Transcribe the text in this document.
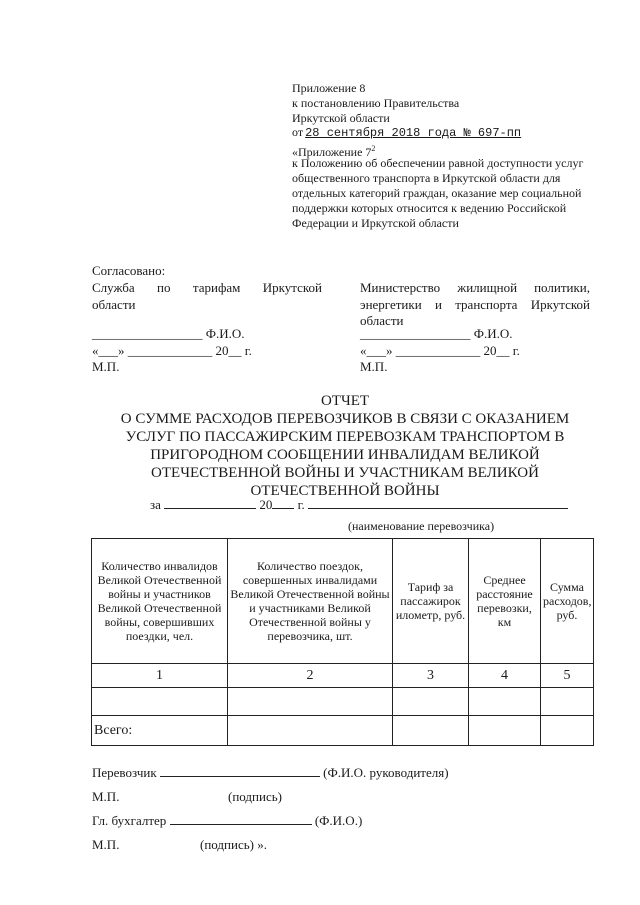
Приложение 8
к постановлению Правительства
Иркутской области
от 28 сентября 2018 года № 697-пп
«Приложение $7^2$
к Положению об обеспечении равной доступности услуг общественного транспорта в Иркутской области для отдельных категорий граждан, оказание мер социальной поддержки которых относится к ведению Российской Федерации и Иркутской области
Согласовано:
Служба по тарифам Иркутской
области
_________________ Ф.И.О.
«___» _____________ 20__ г.
М.П.
Министерство жилищной политики,
энергетики и транспорта Иркутской
области
_________________ Ф.И.О.
«___» _____________ 20__ г.
М.П.
ОТЧЕТ
О СУММЕ РАСХОДОВ ПЕРЕВОЗЧИКОВ В СВЯЗИ С ОКАЗАНИЕМ УСЛУГ ПО ПАССАЖИРСКИМ ПЕРЕВОЗКАМ ТРАНСПОРТОМ В ПРИГОРОДНОМ СООБЩЕНИИ ИНВАЛИДАМ ВЕЛИКОЙ ОТЕЧЕСТВЕННОЙ ВОЙНЫ И УЧАСТНИКАМ ВЕЛИКОЙ ОТЕЧЕСТВЕННОЙ ВОЙНЫ
за	20 г.
(наименование перевозчика)
Количество инвалидов Великой Отечественной войны и участников Великой Отечественной войны, совершивших поездки, чел.	Количество поездок, совершенных инвалидами Великой Отечественной войны и участниками Великой Отечественной войны у перевозчика, шт.	Тариф за пассажирок илометр, руб.	Среднее расстояние перевозки, км	Сумма расходов, руб.
1	2	3	4	5

Всего:				
Перевозчик	(Ф.И.О. руководителя)
М.П.	(подпись)
Гл. бухгалтер	(Ф.И.О.)
М.П.	(подпись) ».
